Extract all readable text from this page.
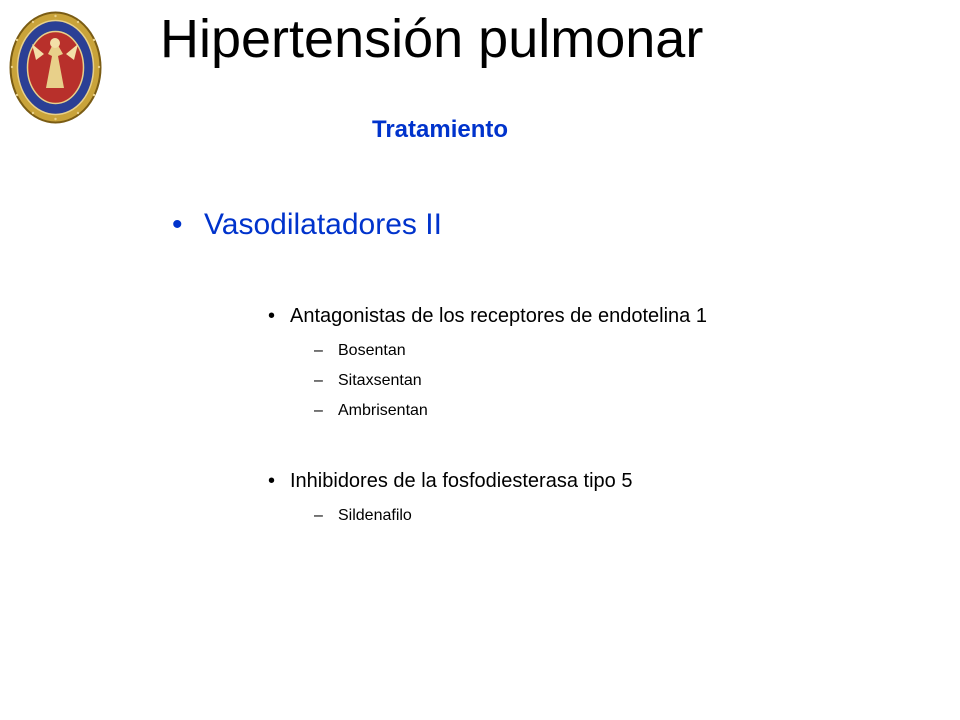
Hipertensión pulmonar
Tratamiento
• Vasodilatadores II
• Antagonistas de los receptores de endotelina 1
– Bosentan
– Sitaxsentan
– Ambrisentan
• Inhibidores de la fosfodiesterasa tipo 5
– Sildenafilo
